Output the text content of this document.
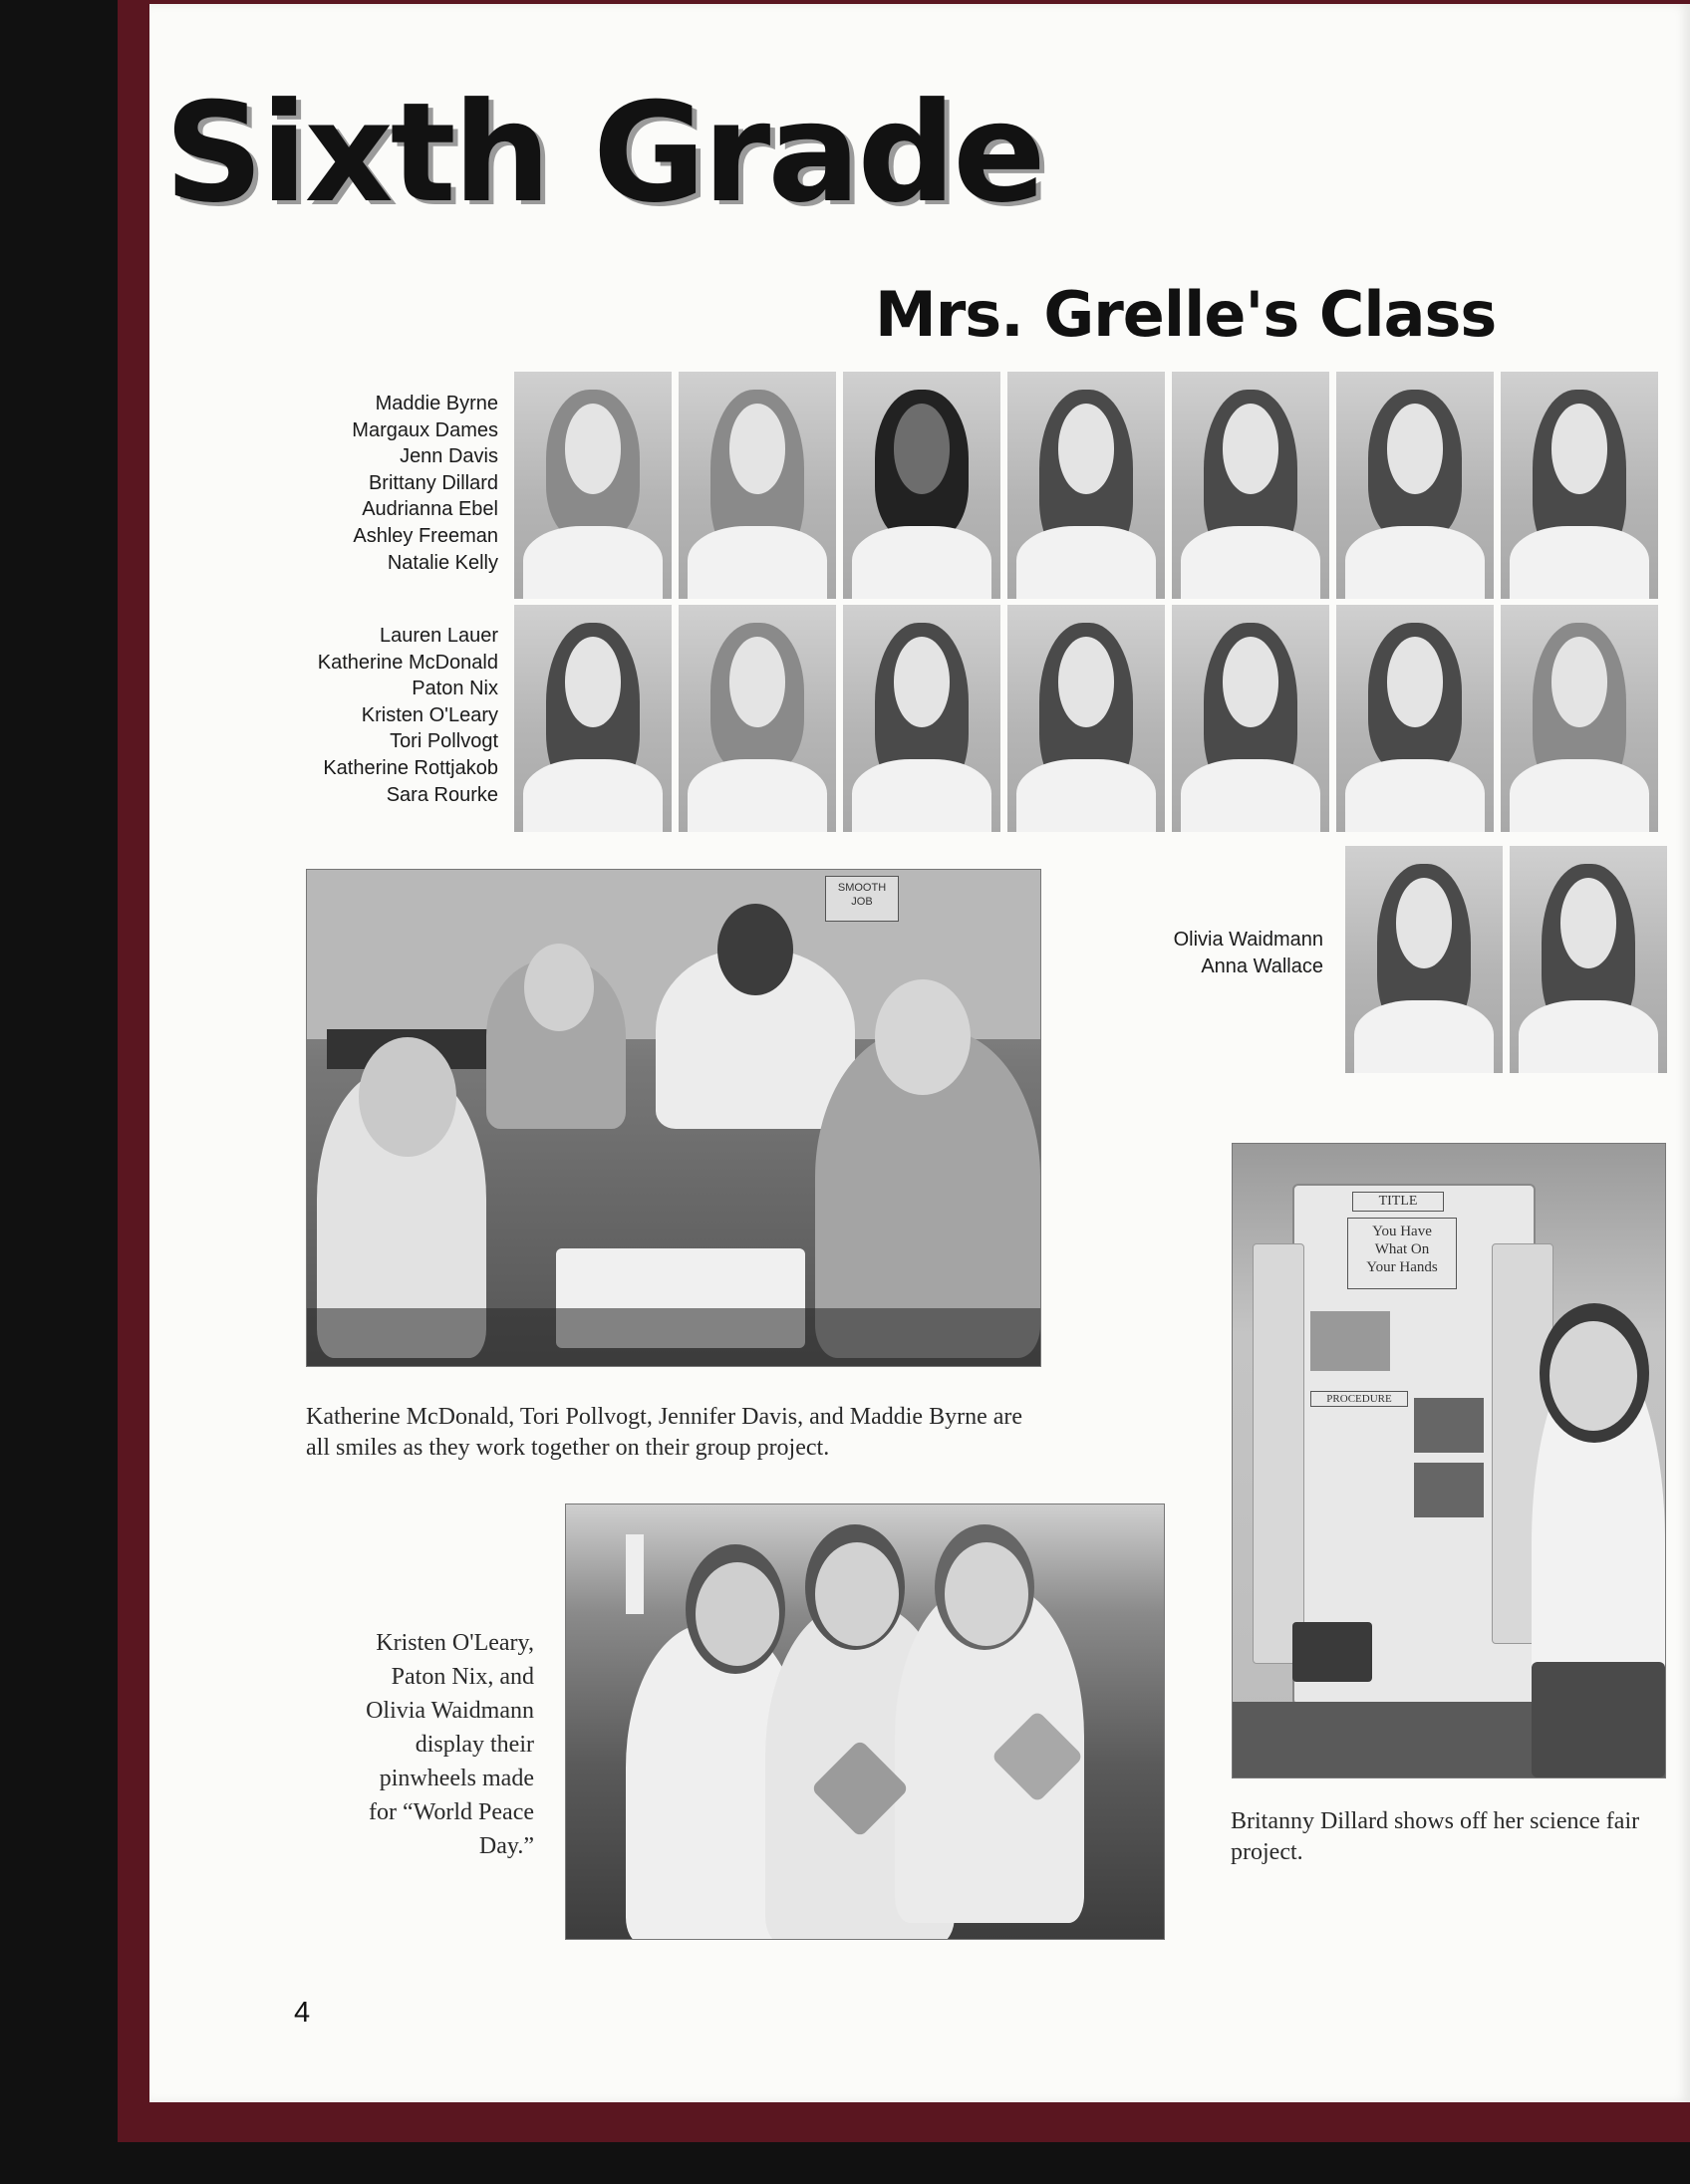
Sixth Grade
Mrs. Grelle's Class
Maddie Byrne
Margaux Dames
Jenn Davis
Brittany Dillard
Audrianna Ebel
Ashley Freeman
Natalie Kelly
Lauren Lauer
Katherine McDonald
Paton Nix
Kristen O'Leary
Tori Pollvogt
Katherine Rottjakob
Sara Rourke
Olivia Waidmann
Anna Wallace
SMOOTH
JOB

Katherine McDonald, Tori Pollvogt, Jennifer Davis, and Maddie Byrne are all smiles as they work together on their group project.

Kristen O'Leary,
Paton Nix, and
Olivia Waidmann
display their
pinwheels made
for “World Peace
Day.”
TITLE
You Have
What On
Your Hands
PROCEDURE

Britanny Dillard shows off her science fair project.

4
